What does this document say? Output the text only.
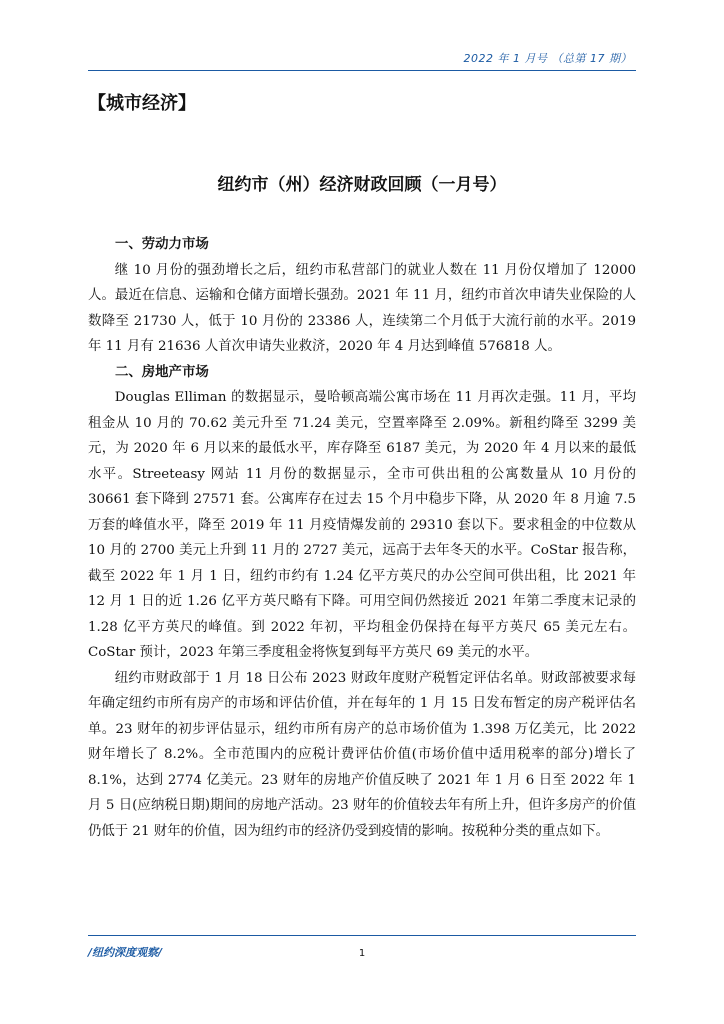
2022 年 1 月号 （总第 17 期）
【城市经济】
纽约市（州）经济财政回顾（一月号）
一、劳动力市场

继 10 月份的强劲增长之后，纽约市私营部门的就业人数在 11 月份仅增加了 12000 人。最近在信息、运输和仓储方面增长强劲。2021 年 11 月，纽约市首次申请失业保险的人数降至 21730 人，低于 10 月份的 23386 人，连续第二个月低于大流行前的水平。2019 年 11 月有 21636 人首次申请失业救济，2020 年 4 月达到峰值 576818 人。

二、房地产市场

Douglas Elliman 的数据显示，曼哈顿高端公寓市场在 11 月再次走强。11 月，平均租金从 10 月的 70.62 美元升至 71.24 美元，空置率降至 2.09%。新租约降至 3299 美元，为 2020 年 6 月以来的最低水平，库存降至 6187 美元，为 2020 年 4 月以来的最低水平。Streeteasy 网站 11 月份的数据显示，全市可供出租的公寓数量从 10 月份的 30661 套下降到 27571 套。公寓库存在过去 15 个月中稳步下降，从 2020 年 8 月逾 7.5 万套的峰值水平，降至 2019 年 11 月疫情爆发前的 29310 套以下。要求租金的中位数从 10 月的 2700 美元上升到 11 月的 2727 美元，远高于去年冬天的水平。CoStar 报告称，截至 2022 年 1 月 1 日，纽约市约有 1.24 亿平方英尺的办公空间可供出租，比 2021 年 12 月 1 日的近 1.26 亿平方英尺略有下降。可用空间仍然接近 2021 年第二季度末记录的 1.28 亿平方英尺的峰值。到 2022 年初，平均租金仍保持在每平方英尺 65 美元左右。CoStar 预计，2023 年第三季度租金将恢复到每平方英尺 69 美元的水平。

纽约市财政部于 1 月 18 日公布 2023 财政年度财产税暂定评估名单。财政部被要求每年确定纽约市所有房产的市场和评估价值，并在每年的 1 月 15 日发布暂定的房产税评估名单。23 财年的初步评估显示，纽约市所有房产的总市场价值为 1.398 万亿美元，比 2022 财年增长了 8.2%。全市范围内的应税计费评估价值(市场价值中适用税率的部分)增长了 8.1%，达到 2774 亿美元。23 财年的房地产价值反映了 2021 年 1 月 6 日至 2022 年 1 月 5 日(应纳税日期)期间的房地产活动。23 财年的价值较去年有所上升，但许多房产的价值仍低于 21 财年的价值，因为纽约市的经济仍受到疫情的影响。按税种分类的重点如下。

/纽约深度观察/	1
